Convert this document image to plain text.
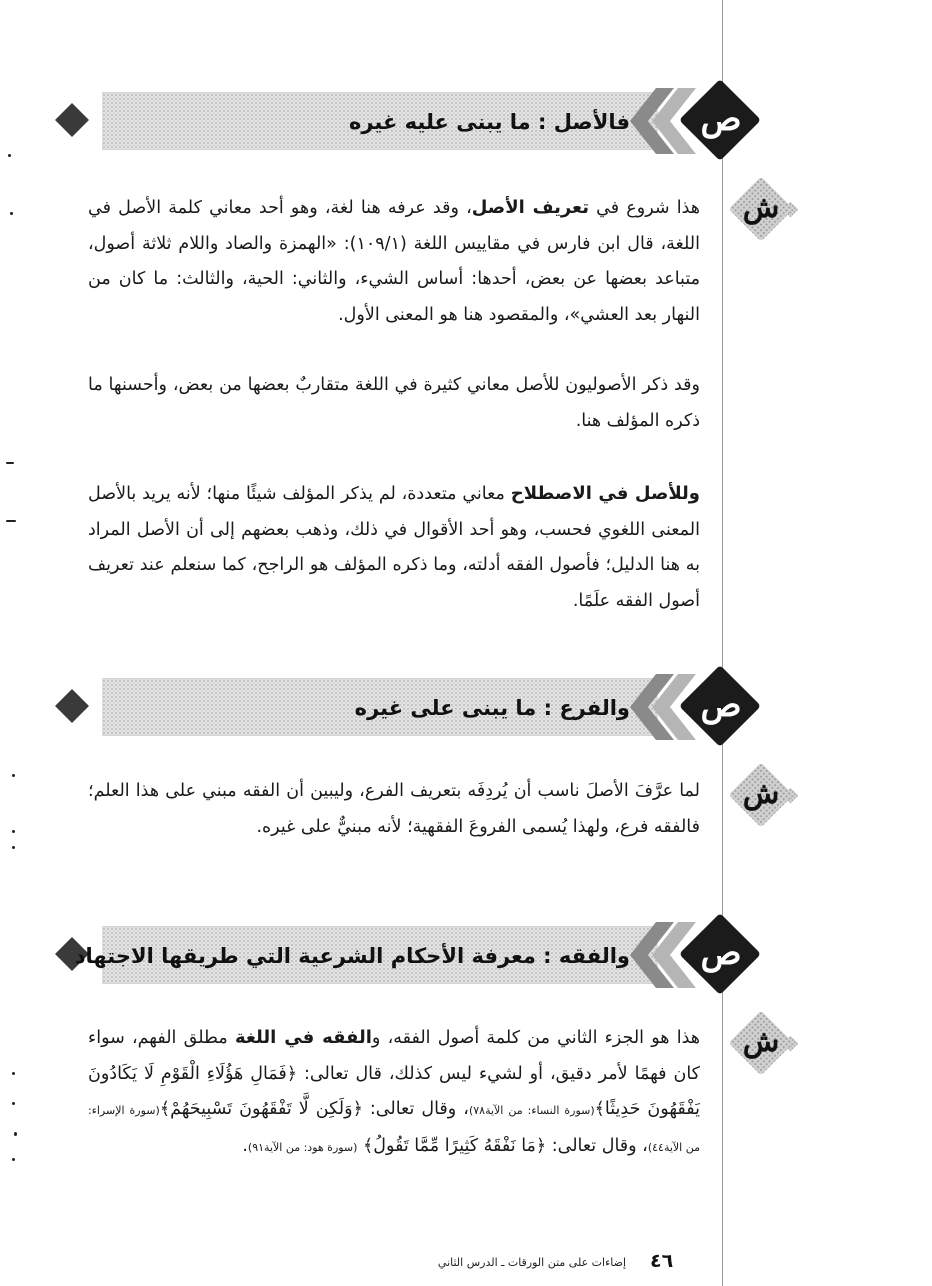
فالأصل : ما يبنى عليه غيره	ص
ش

هذا شروع في تعريف الأصل، وقد عرفه هنا لغة، وهو أحد معاني كلمة الأصل في اللغة، قال ابن فارس في مقاييس اللغة (١٠٩/١): «الهمزة والصاد واللام ثلاثة أصول، متباعد بعضها عن بعض، أحدها: أساس الشيء، والثاني: الحية، والثالث: ما كان من النهار بعد العشي»، والمقصود هنا هو المعنى الأول.

وقد ذكر الأصوليون للأصل معاني كثيرة في اللغة متقاربٌ بعضها من بعض، وأحسنها ما ذكره المؤلف هنا.

وللأصل في الاصطلاح معاني متعددة، لم يذكر المؤلف شيئًا منها؛ لأنه يريد بالأصل المعنى اللغوي فحسب، وهو أحد الأقوال في ذلك، وذهب بعضهم إلى أن الأصل المراد به هنا الدليل؛ فأصول الفقه أدلته، وما ذكره المؤلف هو الراجح، كما سنعلم عند تعريف أصول الفقه علَمًا.

والفرع : ما يبنى على غيره	ص
ش

لما عرَّفَ الأصلَ ناسب أن يُردِفَه بتعريف الفرع، وليبين أن الفقه مبني على هذا العلم؛ فالفقه فرع، ولهذا يُسمى الفروعَ الفقهية؛ لأنه مبنيٌّ على غيره.

والفقه : معرفة الأحكام الشرعية التي طريقها الاجتهاد	ص
ش

هذا هو الجزء الثاني من كلمة أصول الفقه، والفقه في اللغة مطلق الفهم، سواء كان فهمًا لأمر دقيق، أو لشيء ليس كذلك، قال تعالى: ﴿فَمَالِ هَؤُلَاءِ الْقَوْمِ لَا يَكَادُونَ يَفْقَهُونَ حَدِيثًا﴾(سورة النساء: من الآية٧٨)، وقال تعالى: ﴿وَلَكِن لَّا تَفْقَهُونَ تَسْبِيحَهُمْ﴾(سورة الإسراء: من الآية٤٤)، وقال تعالى: ﴿مَا نَفْقَهُ كَثِيرًا مِّمَّا تَقُولُ﴾ (سورة هود: من الآية٩١).

٤٦
إضاءات على متن الورقات ـ الدرس الثاني
